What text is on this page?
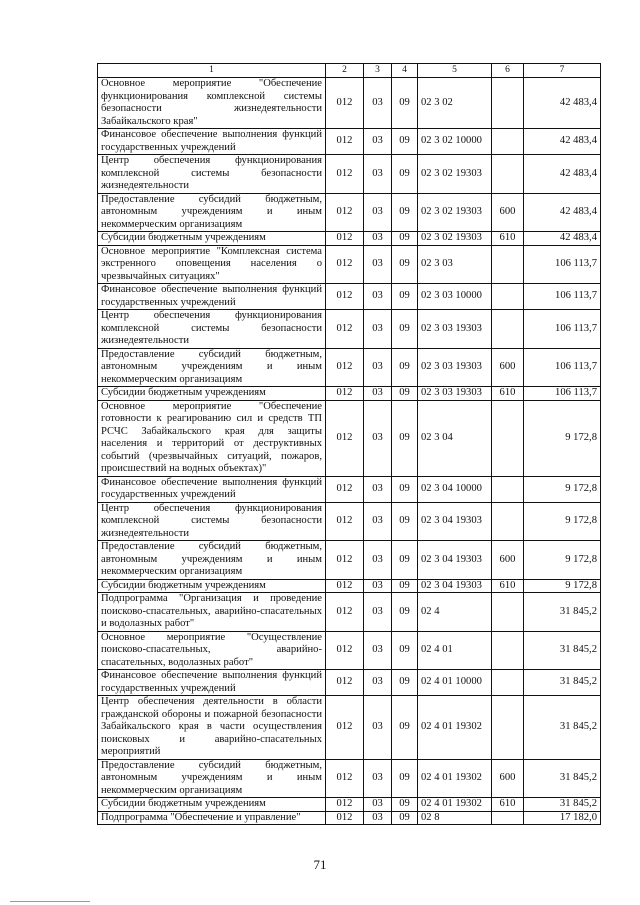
1	2	3	4	5	6	7
Основное мероприятие "Обеспечение функционирования комплексной системы безопасности жизнедеятельности Забайкальского края"	012	03	09	02 3 02		42 483,4
Финансовое обеспечение выполнения функций государственных учреждений	012	03	09	02 3 02 10000		42 483,4
Центр обеспечения функционирования комплексной системы безопасности жизнедеятельности	012	03	09	02 3 02 19303		42 483,4
Предоставление субсидий бюджетным, автономным учреждениям и иным некоммерческим организациям	012	03	09	02 3 02 19303	600	42 483,4
Субсидии бюджетным учреждениям	012	03	09	02 3 02 19303	610	42 483,4
Основное мероприятие "Комплексная система экстренного оповещения населения о чрезвычайных ситуациях"	012	03	09	02 3 03		106 113,7
Финансовое обеспечение выполнения функций государственных учреждений	012	03	09	02 3 03 10000		106 113,7
Центр обеспечения функционирования комплексной системы безопасности жизнедеятельности	012	03	09	02 3 03 19303		106 113,7
Предоставление субсидий бюджетным, автономным учреждениям и иным некоммерческим организациям	012	03	09	02 3 03 19303	600	106 113,7
Субсидии бюджетным учреждениям	012	03	09	02 3 03 19303	610	106 113,7
Основное мероприятие "Обеспечение готовности к реагированию сил и средств ТП РСЧС Забайкальского края для защиты населения и территорий от деструктивных событий (чрезвычайных ситуаций, пожаров, происшествий на водных объектах)"	012	03	09	02 3 04		9 172,8
Финансовое обеспечение выполнения функций государственных учреждений	012	03	09	02 3 04 10000		9 172,8
Центр обеспечения функционирования комплексной системы безопасности жизнедеятельности	012	03	09	02 3 04 19303		9 172,8
Предоставление субсидий бюджетным, автономным учреждениям и иным некоммерческим организациям	012	03	09	02 3 04 19303	600	9 172,8
Субсидии бюджетным учреждениям	012	03	09	02 3 04 19303	610	9 172,8
Подпрограмма "Организация и проведение поисково-спасательных, аварийно-спасательных и водолазных работ"	012	03	09	02 4		31 845,2
Основное мероприятие "Осуществление поисково-спасательных, аварийно-спасательных, водолазных работ"	012	03	09	02 4 01		31 845,2
Финансовое обеспечение выполнения функций государственных учреждений	012	03	09	02 4 01 10000		31 845,2
Центр обеспечения деятельности в области гражданской обороны и пожарной безопасности Забайкальского края в части осуществления поисковых и аварийно-спасательных мероприятий	012	03	09	02 4 01 19302		31 845,2
Предоставление субсидий бюджетным, автономным учреждениям и иным некоммерческим организациям	012	03	09	02 4 01 19302	600	31 845,2
Субсидии бюджетным учреждениям	012	03	09	02 4 01 19302	610	31 845,2
Подпрограмма "Обеспечение и управление"	012	03	09	02 8		17 182,0
71
